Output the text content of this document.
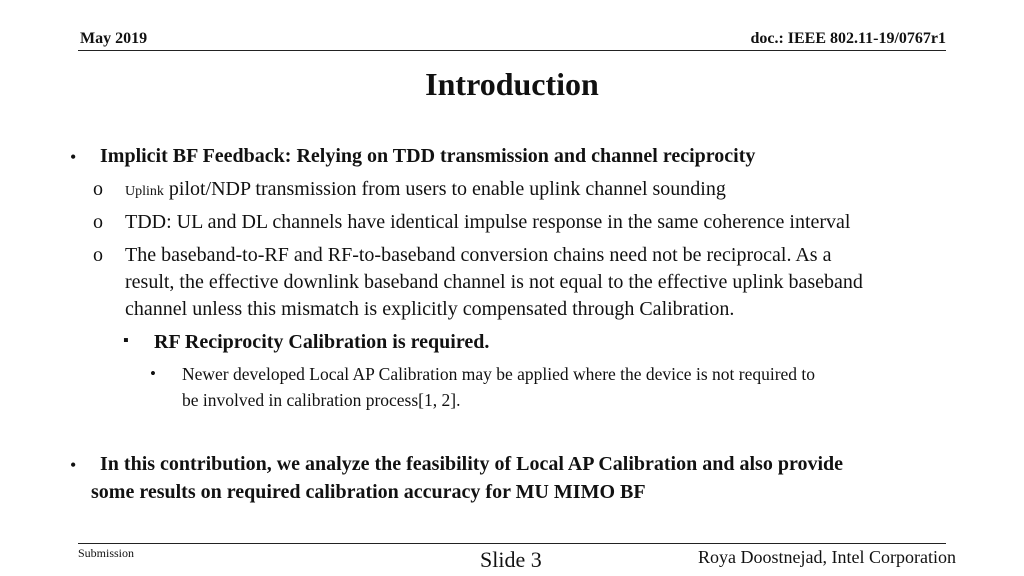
May 2019	doc.: IEEE 802.11-19/0767r1
Introduction
• Implicit BF Feedback: Relying on TDD transmission and channel reciprocity
o Uplink pilot/NDP transmission from users to enable uplink channel sounding
o TDD: UL and DL channels have identical impulse response in the same coherence interval
o The baseband-to-RF and RF-to-baseband conversion chains need not be reciprocal. As a
result, the effective downlink baseband channel is not equal to the effective uplink baseband
channel unless this mismatch is explicitly compensated through Calibration.
▪ RF Reciprocity Calibration is required.
• Newer developed Local AP Calibration may be applied where the device is not required to
be involved in calibration process[1, 2].
• In this contribution, we analyze the feasibility of Local AP Calibration and also provide
some results on required calibration accuracy for MU MIMO BF
Submission	Slide 3	Roya Doostnejad, Intel Corporation
